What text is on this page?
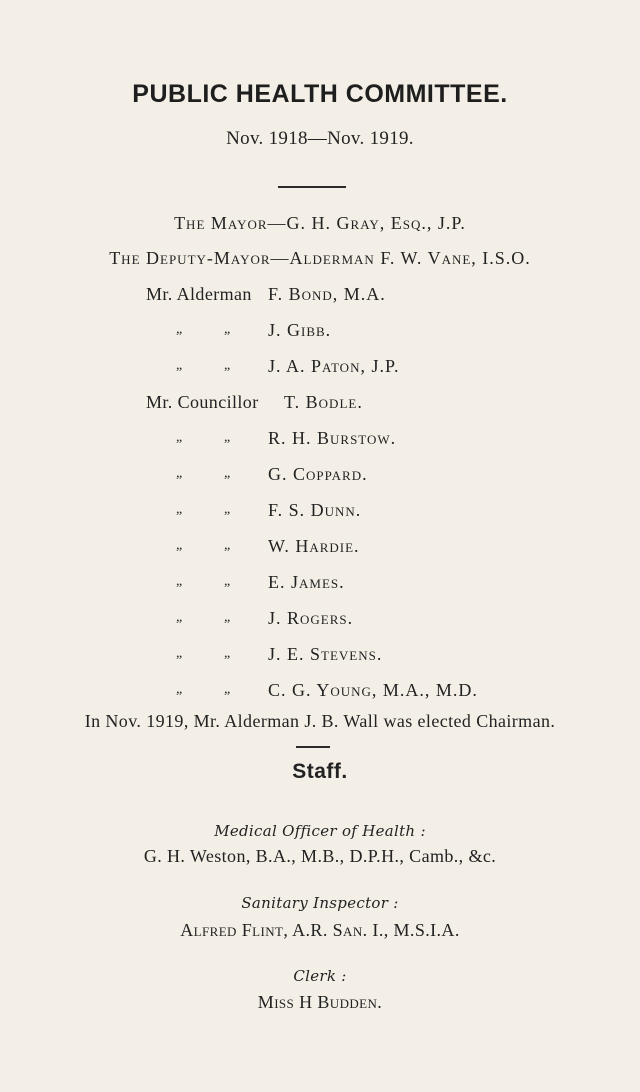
PUBLIC HEALTH COMMITTEE.
Nov. 1918—Nov. 1919.
The Mayor—G. H. Gray, Esq., J.P.
The Deputy-Mayor—Alderman F. W. Vane, I.S.O.
Mr. Alderman F. Bond, M.A.
„	„ J. Gibb.
„	„ J. A. Paton, J.P.
Mr. Councillor T. Bodle.
„	„ R. H. Burstow.
„	„ G. Coppard.
„	„ F. S. Dunn.
„	„ W. Hardie.
„	„ E. James.
„	„ J. Rogers.
„	„ J. E. Stevens.
„	„ C. G. Young, M.A., M.D.
In Nov. 1919, Mr. Alderman J. B. Wall was elected Chairman.
Staff.
Medical Officer of Health :
G. H. Weston, B.A., M.B., D.P.H., Camb., &c.
Sanitary Inspector :
Alfred Flint, A.R. San. I., M.S.I.A.
Clerk :
Miss H Budden.
